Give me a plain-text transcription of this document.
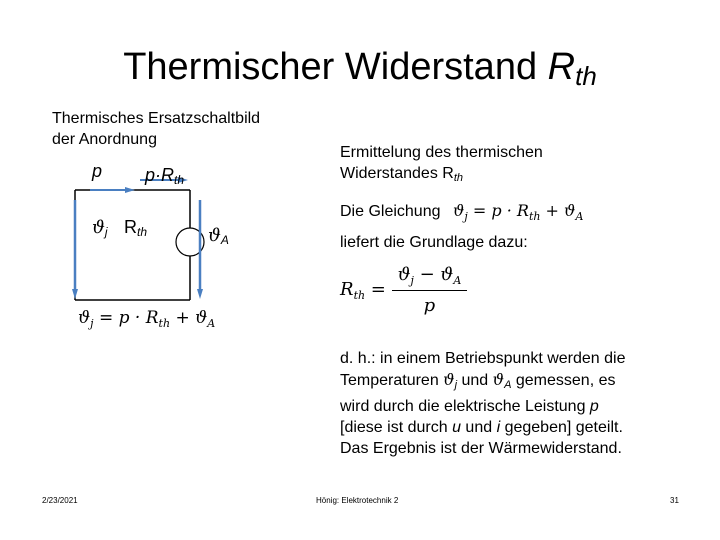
Thermischer Widerstand $R_{th}$
Thermisches Ersatzschaltbild
der Anordnung
p $p\cdot R_{th}$
$ϑ_j$ $R_{th}$	$ϑ_A$
$ϑ_j = p \cdot R_{th} + ϑ_A$
Ermittelung des thermischen
Widerstandes $R_{th}$
Die Gleichung $ϑ_j = p \cdot R_{th} + ϑ_A$
liefert die Grundlage dazu:
$R_{th} = \frac{ϑ_j - ϑ_A}{p}$
d. h.: in einem Betriebspunkt werden die
Temperaturen $ϑ_j$ und $ϑ_A$ gemessen, es
wird durch die elektrische Leistung p
[diese ist durch u und i gegeben] geteilt.
Das Ergebnis ist der Wärmewiderstand.
2/23/2021	Hönig: Elektrotechnik 2	31
